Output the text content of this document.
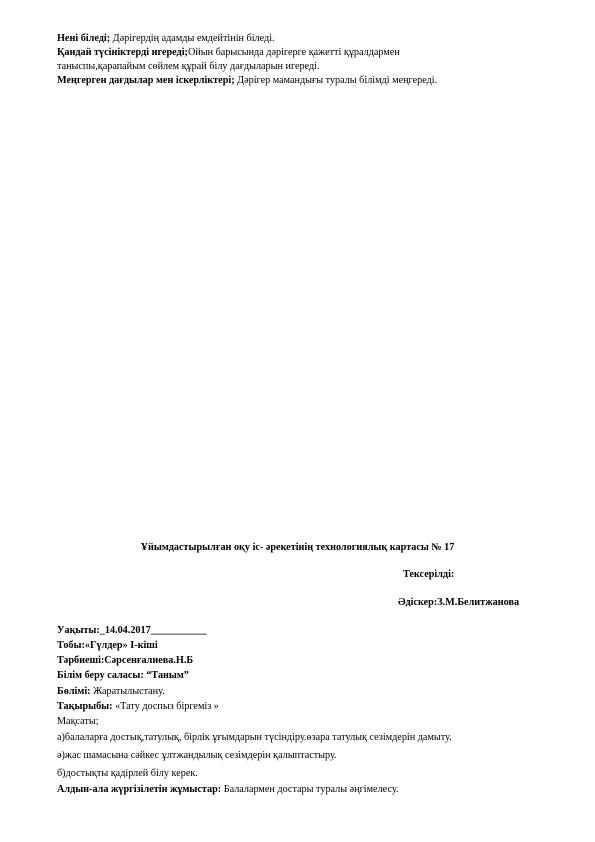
Нені біледі; Дәрігердің адамды емдейтінін біледі.
Қандай түсініктерді игереді;Ойын барысында дәрігерге қажетті құралдармен
таныспы,қарапайым сөйлем құрай білу дағдыларын игереді.
Меңгерген дағдылар мен іскерліктері; Дәрігер мамандығы туралы білімді меңгереді.
Ұйымдастырылған оқу іс- әрекетінің технологиялық картасы № 17
Тексерілді:
Әдіскер:З.М.Белитжанова
Уақыты:_14.04.2017___________
Тобы:«Гүлдер» І-кіші
Тәрбиеші:Сәрсенғалиева.Н.Б
Білім беру саласы: “Таным”
Бөлімі: Жаратылыстану.
Тақырыбы: «Тату доспыз біргеміз »
Мақсаты;
а)балаларға достық,татулық, бірлік ұғымдарын түсіндіру.өзара татулық сезімдерін дамыту.
ә)жас шамасына сәйкес ұлтжандылық сезімдерін қалыптастыру.
б)достықты қадірлей білу керек.
Алдын-ала жүргізілетін жұмыстар: Балалармен достары туралы әңгімелесу.
